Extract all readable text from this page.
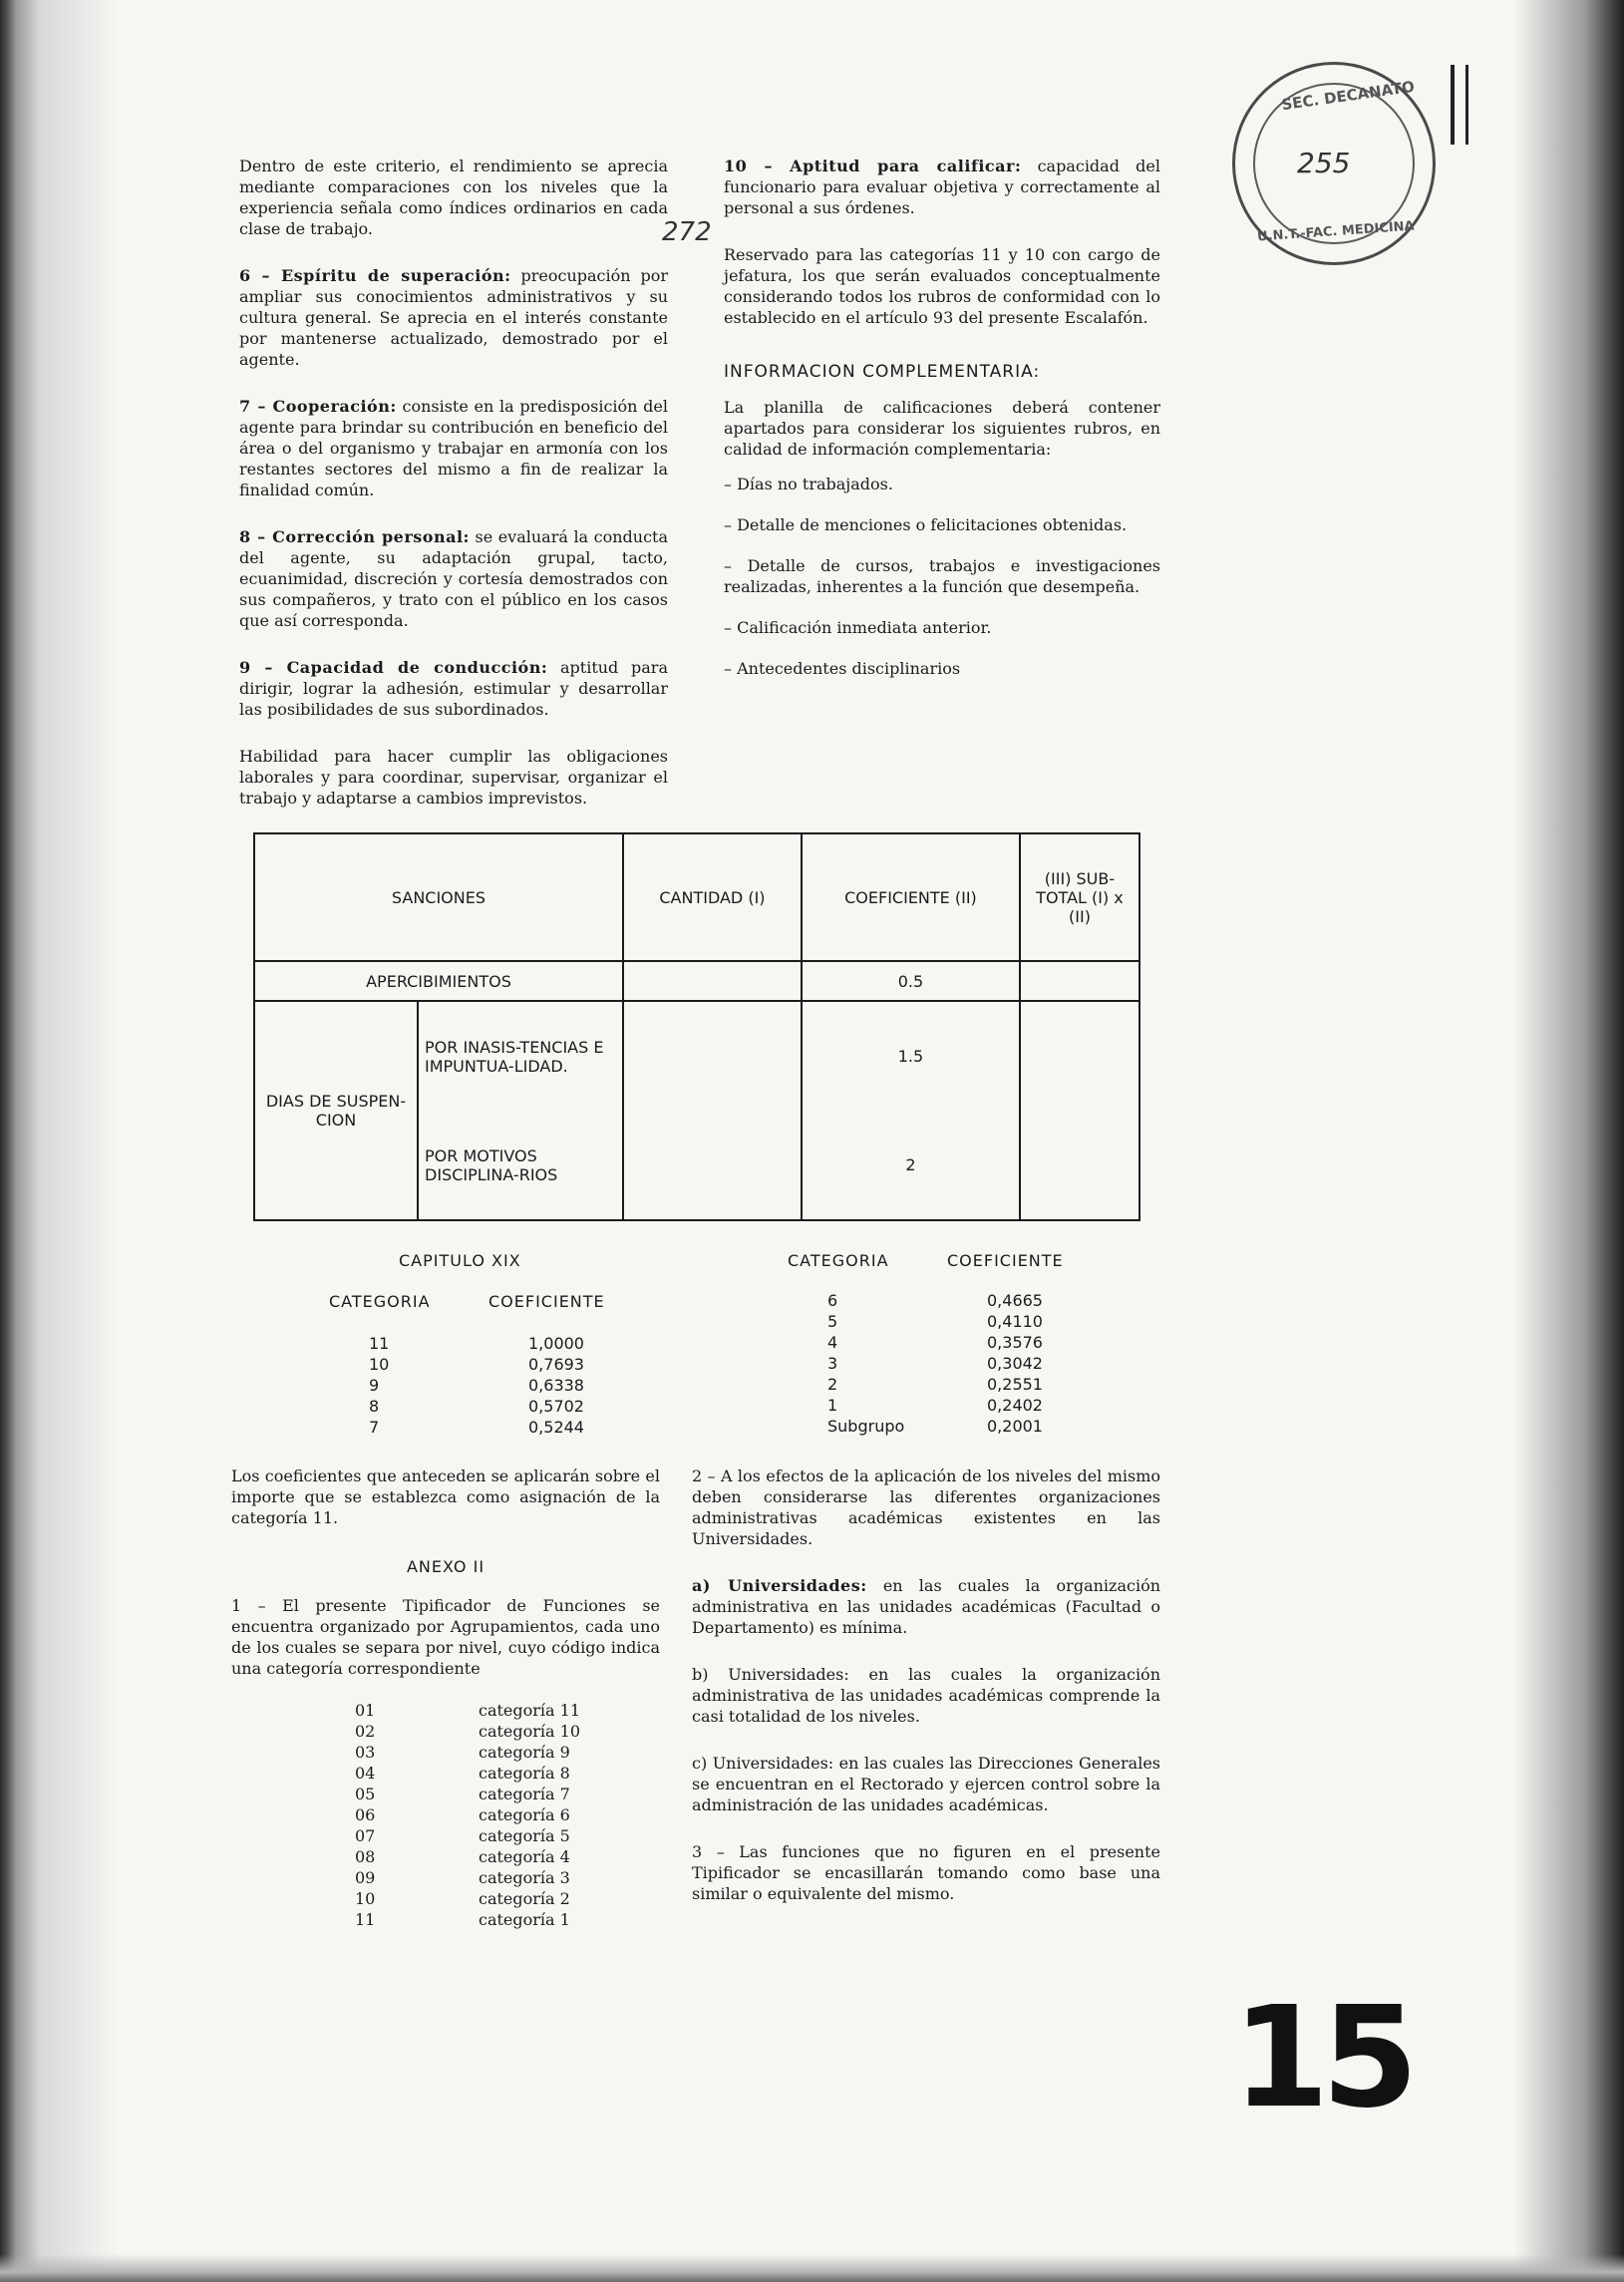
SEC. DECANATO
U.N.T.-FAC. MEDICINA
255
272

Dentro de este criterio, el rendimiento se aprecia mediante comparaciones con los niveles que la experiencia señala como índices ordinarios en cada clase de trabajo.

6 – Espíritu de superación: preocupación por ampliar sus conocimientos administrativos y su cultura general. Se aprecia en el interés constante por mantenerse actualizado, demostrado por el agente.

7 – Cooperación: consiste en la predisposición del agente para brindar su contribución en beneficio del área o del organismo y trabajar en armonía con los restantes sectores del mismo a fin de realizar la finalidad común.

8 – Corrección personal: se evaluará la conducta del agente, su adaptación grupal, tacto, ecuanimidad, discreción y cortesía demostrados con sus compañeros, y trato con el público en los casos que así corresponda.

9 – Capacidad de conducción: aptitud para dirigir, lograr la adhesión, estimular y desarrollar las posibilidades de sus subordinados.

Habilidad para hacer cumplir las obligaciones laborales y para coordinar, supervisar, organizar el trabajo y adaptarse a cambios imprevistos.

10 – Aptitud para calificar: capacidad del funcionario para evaluar objetiva y correctamente al personal a sus órdenes.

Reservado para las categorías 11 y 10 con cargo de jefatura, los que serán evaluados conceptualmente considerando todos los rubros de conformidad con lo establecido en el artículo 93 del presente Escalafón.

INFORMACION COMPLEMENTARIA:

La planilla de calificaciones deberá contener apartados para considerar los siguientes rubros, en calidad de información complementaria:

– Días no trabajados.

– Detalle de menciones o felicitaciones obtenidas.

– Detalle de cursos, trabajos e investigaciones realizadas, inherentes a la función que desempeña.

– Calificación inmediata anterior.

– Antecedentes disciplinarios

SANCIONES		CANTIDAD (I)	COEFICIENTE (II)	(III) SUB-TOTAL (I) x (II)
APERCIBIMIENTOS			0.5	
DIAS DE SUSPEN-CION	POR INASIS-TENCIAS E IMPUNTUA-LIDAD.		1.5	
	POR MOTIVOS DISCIPLINA-RIOS		2	
CAPITULO XIX
CATEGORIA	COEFICIENTE
11	1,0000
10	0,7693
9	0,6338
8	0,5702
7	0,5244
CATEGORIA	COEFICIENTE
6	0,4665
5	0,4110
4	0,3576
3	0,3042
2	0,2551
1	0,2402
Subgrupo	0,2001

Los coeficientes que anteceden se aplicarán sobre el importe que se establezca como asignación de la categoría 11.

ANEXO II

1 – El presente Tipificador de Funciones se encuentra organizado por Agrupamientos, cada uno de los cuales se separa por nivel, cuyo código indica una categoría correspondiente

01	categoría 11
02	categoría 10
03	categoría 9
04	categoría 8
05	categoría 7
06	categoría 6
07	categoría 5
08	categoría 4
09	categoría 3
10	categoría 2
11	categoría 1

2 – A los efectos de la aplicación de los niveles del mismo deben considerarse las diferentes organizaciones administrativas académicas existentes en las Universidades.

a) Universidades: en las cuales la organización administrativa en las unidades académicas (Facultad o Departamento) es mínima.

b) Universidades: en las cuales la organización administrativa de las unidades académicas comprende la casi totalidad de los niveles.

c) Universidades: en las cuales las Direcciones Generales se encuentran en el Rectorado y ejercen control sobre la administración de las unidades académicas.

3 – Las funciones que no figuren en el presente Tipificador se encasillarán tomando como base una similar o equivalente del mismo.

15
